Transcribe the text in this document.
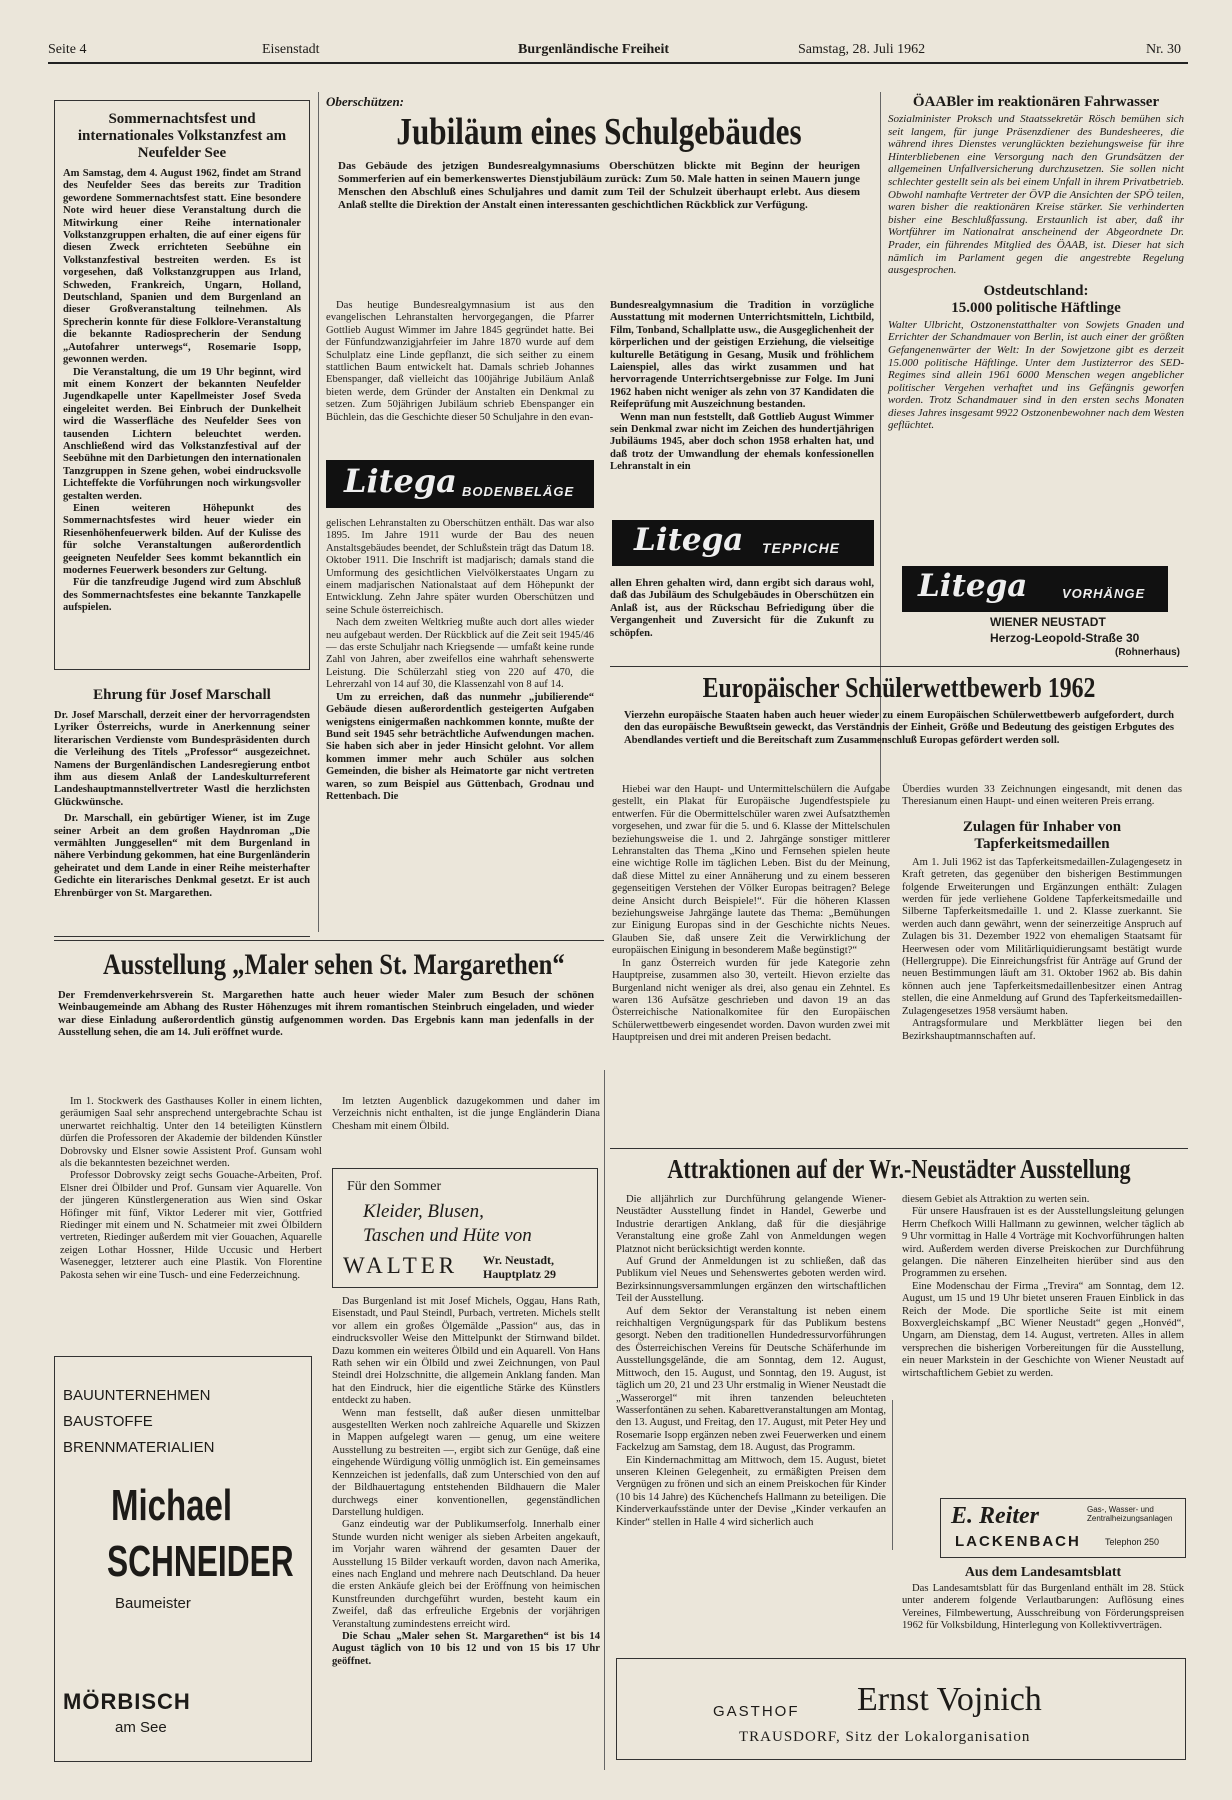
Seite 4	Eisenstadt	Burgenländische Freiheit	Samstag, 28. Juli 1962	Nr. 30

Sommernachtsfest und internationales Volkstanzfest am Neufelder See

Am Samstag, dem 4. August 1962, findet am Strand des Neufelder Sees das bereits zur Tradition gewordene Sommernachtsfest statt. Eine besondere Note wird heuer diese Veranstaltung durch die Mitwirkung einer Reihe internationaler Volkstanzgruppen erhalten, die auf einer eigens für diesen Zweck errichteten Seebühne ein Volkstanzfestival bestreiten werden. Es ist vorgesehen, daß Volkstanzgruppen aus Irland, Schweden, Frankreich, Ungarn, Holland, Deutschland, Spanien und dem Burgenland an dieser Großveranstaltung teilnehmen. Als Sprecherin konnte für diese Folklore-Veranstaltung die bekannte Radiosprecherin der Sendung „Autofahrer unterwegs“, Rosemarie Isopp, gewonnen werden.

Die Veranstaltung, die um 19 Uhr beginnt, wird mit einem Konzert der bekannten Neufelder Jugendkapelle unter Kapellmeister Josef Sveda eingeleitet werden. Bei Einbruch der Dunkelheit wird die Wasserfläche des Neufelder Sees von tausenden Lichtern beleuchtet werden. Anschließend wird das Volkstanzfestival auf der Seebühne mit den Darbietungen den internationalen Tanzgruppen in Szene gehen, wobei eindrucksvolle Lichteffekte die Vorführungen noch wirkungsvoller gestalten werden.

Einen weiteren Höhepunkt des Sommernachtsfestes wird heuer wieder ein Riesenhöhenfeuerwerk bilden. Auf der Kulisse des für solche Veranstaltungen außerordentlich geeigneten Neufelder Sees kommt bekanntlich ein modernes Feuerwerk besonders zur Geltung.

Für die tanzfreudige Jugend wird zum Abschluß des Sommernachtsfestes eine bekannte Tanzkapelle aufspielen.

Ehrung für Josef Marschall

Dr. Josef Marschall, derzeit einer der hervorragendsten Lyriker Österreichs, wurde in Anerkennung seiner literarischen Verdienste vom Bundespräsidenten durch die Verleihung des Titels „Professor“ ausgezeichnet. Namens der Burgenländischen Landesregierung entbot ihm aus diesem Anlaß der Landeskulturreferent Landeshauptmannstellvertreter Wastl die herzlichsten Glückwünsche.

Dr. Marschall, ein gebürtiger Wiener, ist im Zuge seiner Arbeit an dem großen Haydnroman „Die vermählten Junggesellen“ mit dem Burgenland in nähere Verbindung gekommen, hat eine Burgenländerin geheiratet und dem Lande in einer Reihe meisterhafter Gedichte ein literarisches Denkmal gesetzt. Er ist auch Ehrenbürger von St. Margarethen.

Oberschützen:

Jubiläum eines Schulgebäudes

Das Gebäude des jetzigen Bundesrealgymnasiums Oberschützen blickte mit Beginn der heurigen Sommerferien auf ein bemerkenswertes Dienstjubiläum zurück: Zum 50. Male hatten in seinen Mauern junge Menschen den Abschluß eines Schuljahres und damit zum Teil der Schulzeit überhaupt erlebt. Aus diesem Anlaß stellte die Direktion der Anstalt einen interessanten geschichtlichen Rückblick zur Verfügung.

Das heutige Bundesrealgymnasium ist aus den evangelischen Lehranstalten hervorgegangen, die Pfarrer Gottlieb August Wimmer im Jahre 1845 gegründet hatte. Bei der Fünfundzwanzigjahrfeier im Jahre 1870 wurde auf dem Schulplatz eine Linde gepflanzt, die sich seither zu einem stattlichen Baum entwickelt hat. Damals schrieb Johannes Ebenspanger, daß vielleicht das 100jährige Jubiläum Anlaß bieten werde, dem Gründer der Anstalten ein Denkmal zu setzen. Zum 50jährigen Jubiläum schrieb Ebenspanger ein Büchlein, das die Geschichte dieser 50 Schuljahre in den evan-

Litega BODENBELÄGE

gelischen Lehranstalten zu Oberschützen enthält. Das war also 1895. Im Jahre 1911 wurde der Bau des neuen Anstaltsgebäudes beendet, der Schlußstein trägt das Datum 18. Oktober 1911. Die Inschrift ist madjarisch; damals stand die Umformung des gesichtlichen Vielvölkerstaates Ungarn zu einem madjarischen Nationalstaat auf dem Höhepunkt der Entwicklung. Zehn Jahre später wurden Oberschützen und seine Schule österreichisch.

Nach dem zweiten Weltkrieg mußte auch dort alles wieder neu aufgebaut werden. Der Rückblick auf die Zeit seit 1945/46 — das erste Schuljahr nach Kriegsende — umfaßt keine runde Zahl von Jahren, aber zweifellos eine wahrhaft sehenswerte Leistung. Die Schülerzahl stieg von 220 auf 470, die Lehrerzahl von 14 auf 30, die Klassenzahl von 8 auf 14.

Um zu erreichen, daß das nunmehr „jubilierende“ Gebäude diesen außerordentlich gesteigerten Aufgaben wenigstens einigermaßen nachkommen konnte, mußte der Bund seit 1945 sehr beträchtliche Aufwendungen machen. Sie haben sich aber in jeder Hinsicht gelohnt. Vor allem kommen immer mehr auch Schüler aus solchen Gemeinden, die bisher als Heimatorte gar nicht vertreten waren, so zum Beispiel aus Güttenbach, Grodnau und Rettenbach. Die

Bundesrealgymnasium die Tradition in vorzügliche Ausstattung mit modernen Unterrichtsmitteln, Lichtbild, Film, Tonband, Schallplatte usw., die Ausgeglichenheit der körperlichen und der geistigen Erziehung, die vielseitige kulturelle Betätigung in Gesang, Musik und fröhlichem Laienspiel, alles das wirkt zusammen und hat hervorragende Unterrichtsergebnisse zur Folge. Im Juni 1962 haben nicht weniger als zehn von 37 Kandidaten die Reifeprüfung mit Auszeichnung bestanden.

Wenn man nun feststellt, daß Gottlieb August Wimmer sein Denkmal zwar nicht im Zeichen des hundertjährigen Jubiläums 1945, aber doch schon 1958 erhalten hat, und daß trotz der Umwandlung der ehemals konfessionellen Lehranstalt in ein

Litega TEPPICHE

allen Ehren gehalten wird, dann ergibt sich daraus wohl, daß das Jubiläum des Schulgebäudes in Oberschützen ein Anlaß ist, aus der Rückschau Befriedigung über die Vergangenheit und Zuversicht für die Zukunft zu schöpfen.

ÖAABler im reaktionären Fahrwasser

Sozialminister Proksch und Staatssekretär Rösch bemühen sich seit langem, für junge Präsenzdiener des Bundesheeres, die während ihres Dienstes verunglückten beziehungsweise für ihre Hinterbliebenen eine Versorgung nach den Grundsätzen der allgemeinen Unfallversicherung durchzusetzen. Sie sollen nicht schlechter gestellt sein als bei einem Unfall in ihrem Privatbetrieb. Obwohl namhafte Vertreter der ÖVP die Ansichten der SPÖ teilen, waren bisher die reaktionären Kreise stärker. Sie verhinderten bisher eine Beschlußfassung. Erstaunlich ist aber, daß ihr Wortführer im Nationalrat anscheinend der Abgeordnete Dr. Prader, ein führendes Mitglied des ÖAAB, ist. Dieser hat sich nämlich im Parlament gegen die angestrebte Regelung ausgesprochen.

Ostdeutschland:

15.000 politische Häftlinge

Walter Ulbricht, Ostzonenstatthalter von Sowjets Gnaden und Errichter der Schandmauer von Berlin, ist auch einer der größten Gefangenenwärter der Welt: In der Sowjetzone gibt es derzeit 15.000 politische Häftlinge. Unter dem Justizterror des SED-Regimes sind allein 1961 6000 Menschen wegen angeblicher politischer Vergehen verhaftet und ins Gefängnis geworfen worden. Trotz Schandmauer sind in den ersten sechs Monaten dieses Jahres insgesamt 9922 Ostzonenbewohner nach dem Westen geflüchtet.

Litega	VORHÄNGE
WIENER NEUSTADT
Herzog-Leopold-Straße 30
(Rohnerhaus)

Europäischer Schülerwettbewerb 1962

Vierzehn europäische Staaten haben auch heuer wieder zu einem Europäischen Schülerwettbewerb aufgefordert, durch den das europäische Bewußtsein geweckt, das Verständnis der Einheit, Größe und Bedeutung des geistigen Erbgutes des Abendlandes vertieft und die Bereitschaft zum Zusammenschluß Europas gefördert werden soll.

Hiebei war den Haupt- und Untermittelschülern die Aufgabe gestellt, ein Plakat für Europäische Jugendfestspiele zu entwerfen. Für die Obermittelschüler waren zwei Aufsatzthemen vorgesehen, und zwar für die 5. und 6. Klasse der Mittelschulen beziehungsweise die 1. und 2. Jahrgänge sonstiger mittlerer Lehranstalten das Thema „Kino und Fernsehen spielen heute eine wichtige Rolle im täglichen Leben. Bist du der Meinung, daß diese Mittel zu einer Annäherung und zu einem besseren gegenseitigen Verstehen der Völker Europas beitragen? Belege deine Ansicht durch Beispiele!“. Für die höheren Klassen beziehungsweise Jahrgänge lautete das Thema: „Bemühungen zur Einigung Europas sind in der Geschichte nichts Neues. Glauben Sie, daß unsere Zeit die Verwirklichung der europäischen Einigung in besonderem Maße begünstigt?“

In ganz Österreich wurden für jede Kategorie zehn Hauptpreise, zusammen also 30, verteilt. Hievon erzielte das Burgenland nicht weniger als drei, also genau ein Zehntel. Es waren 136 Aufsätze geschrieben und davon 19 an das Österreichische Nationalkomitee für den Europäischen Schülerwettbewerb eingesendet worden. Davon wurden zwei mit Hauptpreisen und drei mit anderen Preisen bedacht.

Überdies wurden 33 Zeichnungen eingesandt, mit denen das Theresianum einen Haupt- und einen weiteren Preis errang.

Zulagen für Inhaber von

Tapferkeitsmedaillen

Am 1. Juli 1962 ist das Tapferkeitsmedaillen-Zulagengesetz in Kraft getreten, das gegenüber den bisherigen Bestimmungen folgende Erweiterungen und Ergänzungen enthält: Zulagen werden für jede verliehene Goldene Tapferkeitsmedaille und Silberne Tapferkeitsmedaille 1. und 2. Klasse zuerkannt. Sie werden auch dann gewährt, wenn der seinerzeitige Anspruch auf Zulagen bis 31. Dezember 1922 von ehemaligen Staatsamt für Heerwesen oder vom Militärliquidierungsamt bestätigt wurde (Hellergruppe). Die Einreichungsfrist für Anträge auf Grund der neuen Bestimmungen läuft am 31. Oktober 1962 ab. Bis dahin können auch jene Tapferkeitsmedaillenbesitzer einen Antrag stellen, die eine Anmeldung auf Grund des Tapferkeitsmedaillen-Zulagengesetzes 1958 versäumt haben.

Antragsformulare und Merkblätter liegen bei den Bezirkshauptmannschaften auf.

Ausstellung „Maler sehen St. Margarethen“

Der Fremdenverkehrsverein St. Margarethen hatte auch heuer wieder Maler zum Besuch der schönen Weinbaugemeinde am Abhang des Ruster Höhenzuges mit ihrem romantischen Steinbruch eingeladen, und wieder war diese Einladung außerordentlich günstig aufgenommen worden. Das Ergebnis kann man jedenfalls in der Ausstellung sehen, die am 14. Juli eröffnet wurde.

Im 1. Stockwerk des Gasthauses Koller in einem lichten, geräumigen Saal sehr ansprechend untergebrachte Schau ist unerwartet reichhaltig. Unter den 14 beteiligten Künstlern dürfen die Professoren der Akademie der bildenden Künstler Dobrovsky und Elsner sowie Assistent Prof. Gunsam wohl als die bekanntesten bezeichnet werden.

Professor Dobrovsky zeigt sechs Gouache-Arbeiten, Prof. Elsner drei Ölbilder und Prof. Gunsam vier Aquarelle. Von der jüngeren Künstlergeneration aus Wien sind Oskar Höfinger mit fünf, Viktor Lederer mit vier, Gottfried Riedinger mit einem und N. Schatmeier mit zwei Ölbildern vertreten, Riedinger außerdem mit vier Gouachen, Aquarelle zeigen Lothar Hossner, Hilde Uccusic und Herbert Wasenegger, letzterer auch eine Plastik. Von Florentine Pakosta sehen wir eine Tusch- und eine Federzeichnung.

Im letzten Augenblick dazugekommen und daher im Verzeichnis nicht enthalten, ist die junge Engländerin Diana Chesham mit einem Ölbild.

Für den Sommer
Kleider, Blusen,
Taschen und Hüte von
WALTER Wr. Neustadt,
Hauptplatz 29

Das Burgenland ist mit Josef Michels, Oggau, Hans Rath, Eisenstadt, und Paul Steindl, Purbach, vertreten. Michels stellt vor allem ein großes Ölgemälde „Passion“ aus, das in eindrucksvoller Weise den Mittelpunkt der Stirnwand bildet. Dazu kommen ein weiteres Ölbild und ein Aquarell. Von Hans Rath sehen wir ein Ölbild und zwei Zeichnungen, von Paul Steindl drei Holzschnitte, die allgemein Anklang fanden. Man hat den Eindruck, hier die eigentliche Stärke des Künstlers entdeckt zu haben.

Wenn man festsellt, daß außer diesen unmittelbar ausgestellten Werken noch zahlreiche Aquarelle und Skizzen in Mappen aufgelegt waren — genug, um eine weitere Ausstellung zu bestreiten —, ergibt sich zur Genüge, daß eine eingehende Würdigung völlig unmöglich ist. Ein gemeinsames Kennzeichen ist jedenfalls, daß zum Unterschied von den auf der Bildhauertagung entstehenden Bildhauern die Maler durchwegs einer konventionellen, gegenständlichen Darstellung huldigen.

Ganz eindeutig war der Publikumserfolg. Innerhalb einer Stunde wurden nicht weniger als sieben Arbeiten angekauft, im Vorjahr waren während der gesamten Dauer der Ausstellung 15 Bilder verkauft worden, davon nach Amerika, eines nach England und mehrere nach Deutschland. Da heuer die ersten Ankäufe gleich bei der Eröffnung von heimischen Kunstfreunden durchgeführt wurden, besteht kaum ein Zweifel, daß das erfreuliche Ergebnis der vorjährigen Veranstaltung zumindestens erreicht wird.

Die Schau „Maler sehen St. Margarethen“ ist bis 14 August täglich von 10 bis 12 und von 15 bis 17 Uhr geöffnet.

BAUUNTERNEHMEN
BAUSTOFFE
BRENNMATERIALIEN
Michael
SCHNEIDER
Baumeister
MÖRBISCH
am See

Attraktionen auf der Wr.-Neustädter Ausstellung

Die alljährlich zur Durchführung gelangende Wiener-Neustädter Ausstellung findet in Handel, Gewerbe und Industrie derartigen Anklang, daß für die diesjährige Veranstaltung eine große Zahl von Anmeldungen wegen Platznot nicht berücksichtigt werden konnte.

Auf Grund der Anmeldungen ist zu schließen, daß das Publikum viel Neues und Sehenswertes geboten werden wird. Bezirksinnungsversammlungen ergänzen den wirtschaftlichen Teil der Ausstellung.

Auf dem Sektor der Veranstaltung ist neben einem reichhaltigen Vergnügungspark für das Publikum bestens gesorgt. Neben den traditionellen Hundedressurvorführungen des Österreichischen Vereins für Deutsche Schäferhunde im Ausstellungsgelände, die am Sonntag, dem 12. August, Mittwoch, den 15. August, und Sonntag, den 19. August, ist täglich um 20, 21 und 23 Uhr erstmalig in Wiener Neustadt die „Wasserorgel“ mit ihren tanzenden beleuchteten Wasserfontänen zu sehen. Kabarettveranstaltungen am Montag, den 13. August, und Freitag, den 17. August, mit Peter Hey und Rosemarie Isopp ergänzen neben zwei Feuerwerken und einem Fackelzug am Samstag, dem 18. August, das Programm.

Ein Kindernachmittag am Mittwoch, dem 15. August, bietet unseren Kleinen Gelegenheit, zu ermäßigten Preisen dem Vergnügen zu frönen und sich an einem Preiskochen für Kinder (10 bis 14 Jahre) des Küchenchefs Hallmann zu beteiligen. Die Kinderverkaufsstände unter der Devise „Kinder verkaufen an Kinder“ stellen in Halle 4 wird sicherlich auch

diesem Gebiet als Attraktion zu werten sein.

Für unsere Hausfrauen ist es der Ausstellungsleitung gelungen Herrn Chefkoch Willi Hallmann zu gewinnen, welcher täglich ab 9 Uhr vormittag in Halle 4 Vorträge mit Kochvorführungen halten wird. Außerdem werden diverse Preiskochen zur Durchführung gelangen. Die näheren Einzelheiten hierüber sind aus den Programmen zu ersehen.

Eine Modenschau der Firma „Trevira“ am Sonntag, dem 12. August, um 15 und 19 Uhr bietet unseren Frauen Einblick in das Reich der Mode. Die sportliche Seite ist mit einem Boxvergleichskampf „BC Wiener Neustadt“ gegen „Honvéd“, Ungarn, am Dienstag, dem 14. August, vertreten. Alles in allem versprechen die bisherigen Vorbereitungen für die Ausstellung, ein neuer Markstein in der Geschichte von Wiener Neustadt auf wirtschaftlichem Gebiet zu werden.

E. Reiter	Gas-, Wasser- und Zentralheizungsanlagen
LACKENBACH	Telephon 250

Aus dem Landesamtsblatt

Das Landesamtsblatt für das Burgenland enthält im 28. Stück unter anderem folgende Verlautbarungen: Auflösung eines Vereines, Filmbewertung, Ausschreibung von Förderungspreisen 1962 für Volksbildung, Hinterlegung von Kollektivverträgen.

GASTHOF Ernst Vojnich
TRAUSDORF, Sitz der Lokalorganisation
